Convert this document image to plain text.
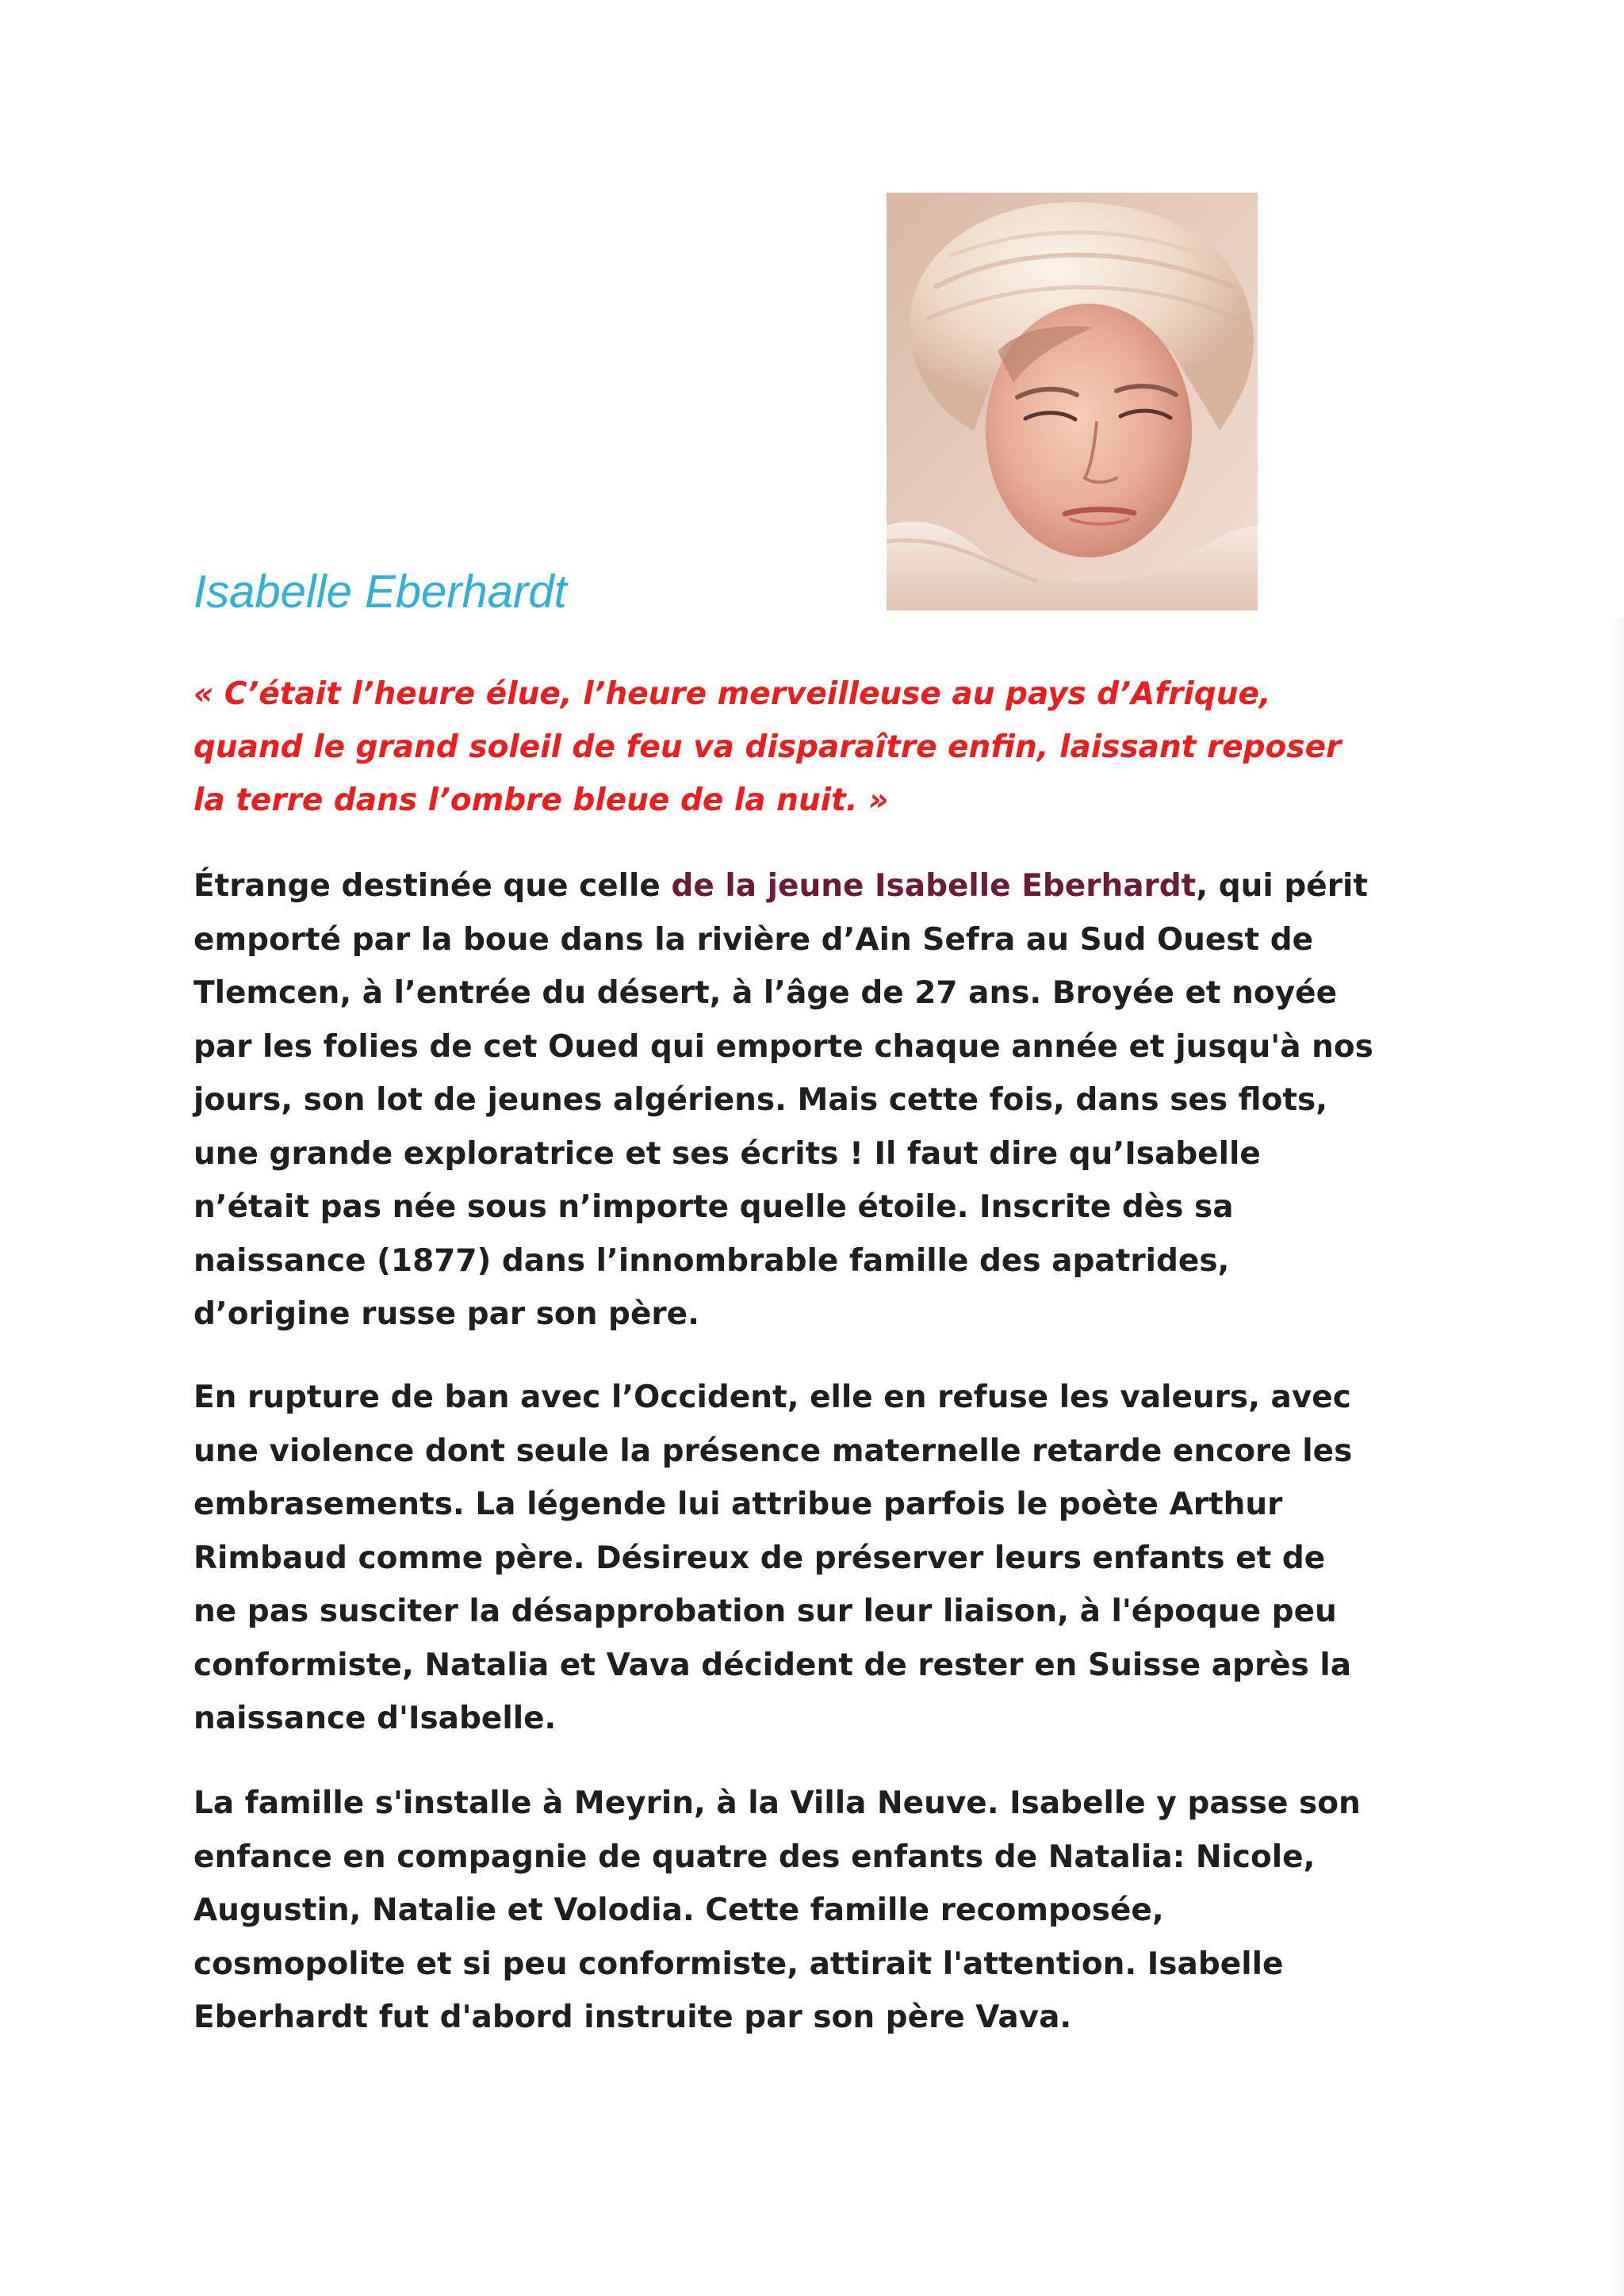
Isabelle Eberhardt
« C’était l’heure élue, l’heure merveilleuse au pays d’Afrique,
quand le grand soleil de feu va disparaître enfin, laissant reposer
la terre dans l’ombre bleue de la nuit. »
Étrange destinée que celle de la jeune Isabelle Eberhardt, qui périt
emporté par la boue dans la rivière d’Ain Sefra au Sud Ouest de
Tlemcen, à l’entrée du désert, à l’âge de 27 ans. Broyée et noyée
par les folies de cet Oued qui emporte chaque année et jusqu'à nos
jours, son lot de jeunes algériens. Mais cette fois, dans ses flots,
une grande exploratrice et ses écrits ! Il faut dire qu’Isabelle
n’était pas née sous n’importe quelle étoile. Inscrite dès sa
naissance (1877) dans l’innombrable famille des apatrides,
d’origine russe par son père.
En rupture de ban avec l’Occident, elle en refuse les valeurs, avec
une violence dont seule la présence maternelle retarde encore les
embrasements. La légende lui attribue parfois le poète Arthur
Rimbaud comme père. Désireux de préserver leurs enfants et de
ne pas susciter la désapprobation sur leur liaison, à l'époque peu
conformiste, Natalia et Vava décident de rester en Suisse après la
naissance d'Isabelle.
La famille s'installe à Meyrin, à la Villa Neuve. Isabelle y passe son
enfance en compagnie de quatre des enfants de Natalia: Nicole,
Augustin, Natalie et Volodia. Cette famille recomposée,
cosmopolite et si peu conformiste, attirait l'attention. Isabelle
Eberhardt fut d'abord instruite par son père Vava.
